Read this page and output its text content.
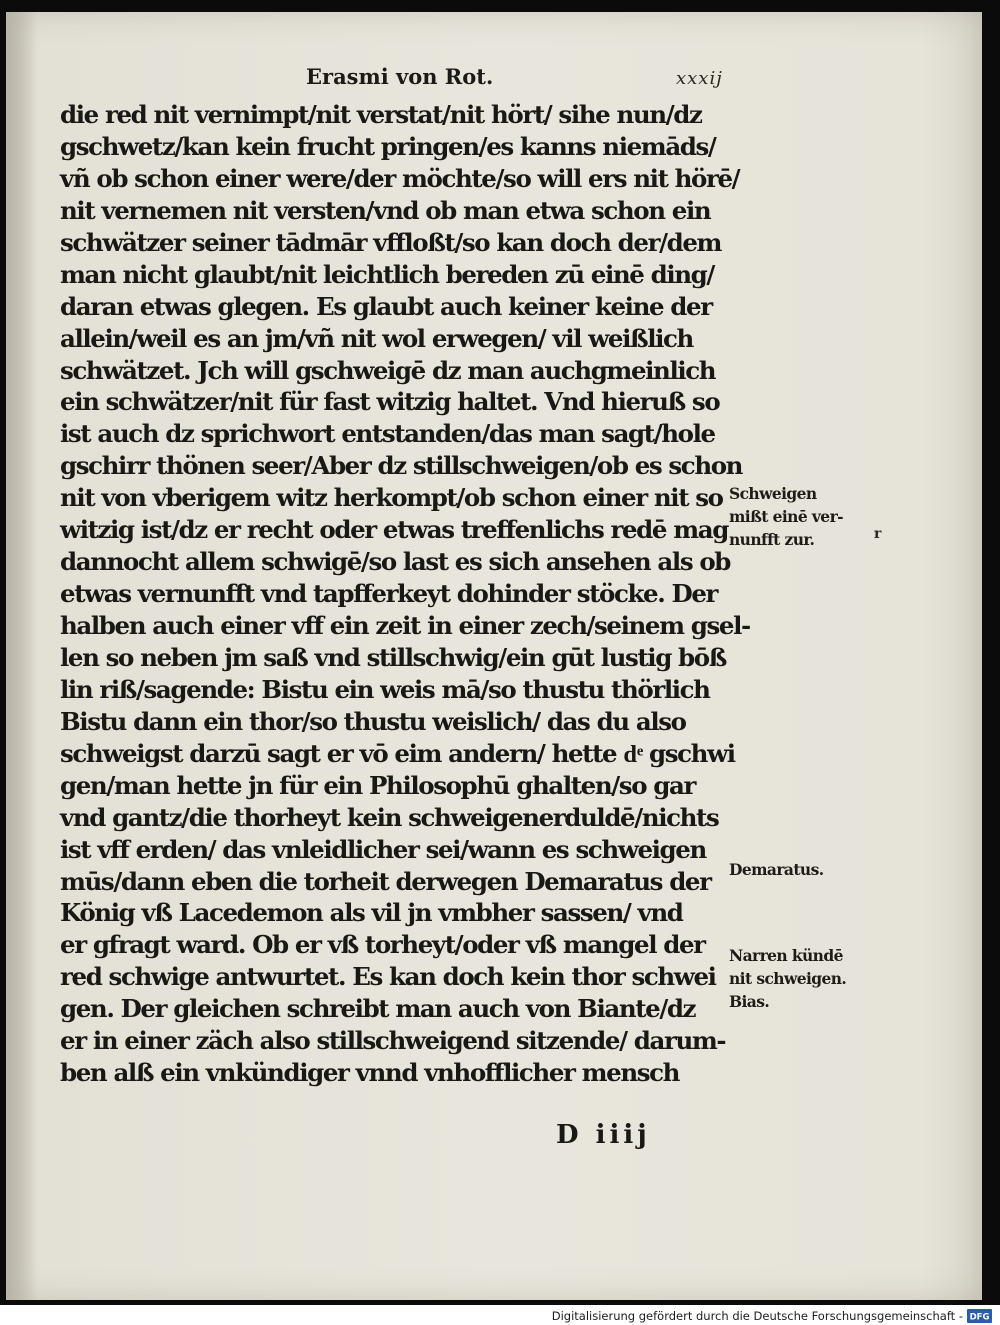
Erasmi von Rot.	xxxij
die red nit vernimpt/nit verstat/nit hört/ sihe nun/dz
gschwetz/kan kein frucht pringen/es kanns niemāds/
vñ ob schon einer were/der möchte/so will ers nit hörē/
nit vernemen nit versten/vnd ob man etwa schon ein
schwätzer seiner tādmār vffloßt/so kan doch der/dem
man nicht glaubt/nit leichtlich bereden zū einē ding/
daran etwas glegen. Es glaubt auch keiner keine der
allein/weil es an jm/vñ nit wol erwegen/ vil weißlich
schwätzet. Jch will gschweigē dz man auchgmeinlich
ein schwätzer/nit für fast witzig haltet. Vnd hieruß so
ist auch dz sprichwort entstanden/das man sagt/hole
gschirr thönen seer/Aber dz stillschweigen/ob es schon
nit von vberigem witz herkompt/ob schon einer nit so
witzig ist/dz er recht oder etwas treffenlichs redē mag
dannocht allem schwigē/so last es sich ansehen als ob
etwas vernunfft vnd tapfferkeyt dohinder stöcke. Der
halben auch einer vff ein zeit in einer zech/seinem gsel-
len so neben jm saß vnd stillschwig/ein gūt lustig bōß
lin riß/sagende: Bistu ein weis mā/so thustu thörlich
Bistu dann ein thor/so thustu weislich/ das du also
schweigst darzū sagt er vō eim andern/ hette dͤ gschwi
gen/man hette jn für ein Philosophū ghalten/so gar
vnd gantz/die thorheyt kein schweigenerduldē/nichts
ist vff erden/ das vnleidlicher sei/wann es schweigen
mūs/dann eben die torheit derwegen Demaratus der
König vß Lacedemon als vil jn vmbher sassen/ vnd
er gfragt ward. Ob er vß torheyt/oder vß mangel der
red schwige antwurtet. Es kan doch kein thor schwei
gen. Der gleichen schreibt man auch von Biante/dz
er in einer zäch also stillschweigend sitzende/ darum-
ben alß ein vnkündiger vnnd vnhofflicher mensch
Schweigen
mißt einē ver-
nunfft zur.	r
Demaratus.
Narren kündē
nit schweigen.
Bias.
D iiij
Digitalisierung gefördert durch die Deutsche Forschungsgemeinschaft - DFG
